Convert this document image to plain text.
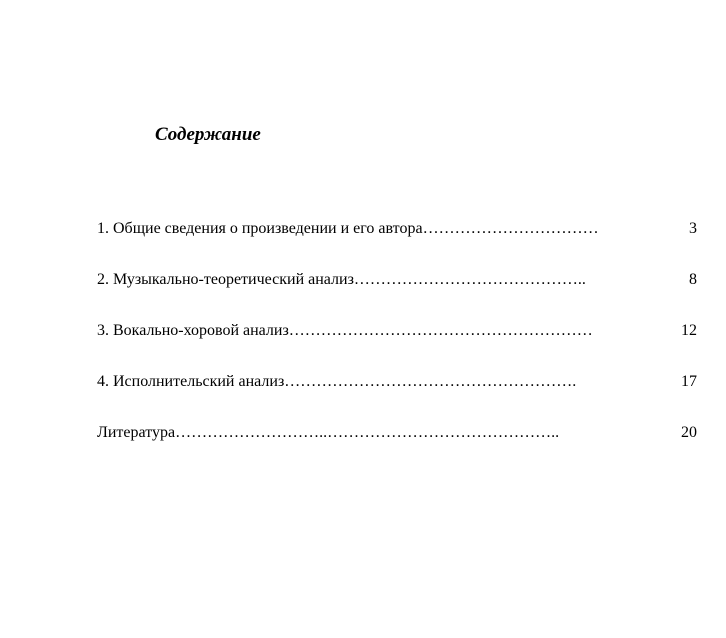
Содержание
1. Общие сведения о произведении и его автора	3
……………………………
2. Музыкально-теоретический анализ	8
……………………………………..
3. Вокально-хоровой анализ	12
…………………………………………………
4. Исполнительский анализ	17
……………………………………………….
Литература	20
………………………..……………………………………..
